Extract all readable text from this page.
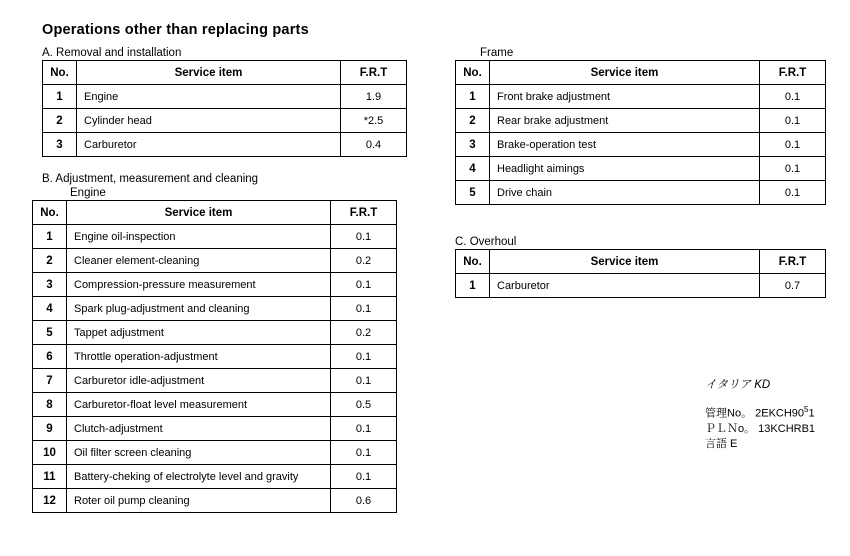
Operations other than replacing parts
A. Removal and installation
No.	Service item	F.R.T
1	Engine	1.9
2	Cylinder head	*2.5
3	Carburetor	0.4
B. Adjustment, measurement and cleaning
Engine
No.	Service item	F.R.T
1	Engine oil-inspection	0.1
2	Cleaner element-cleaning	0.2
3	Compression-pressure measurement	0.1
4	Spark plug-adjustment and cleaning	0.1
5	Tappet adjustment	0.2
6	Throttle operation-adjustment	0.1
7	Carburetor idle-adjustment	0.1
8	Carburetor-float level measurement	0.5
9	Clutch-adjustment	0.1
10	Oil filter screen cleaning	0.1
11	Battery-cheking of electrolyte level and gravity	0.1
12	Roter oil pump cleaning	0.6
Frame
No.	Service item	F.R.T
1	Front brake adjustment	0.1
2	Rear brake adjustment	0.1
3	Brake-operation test	0.1
4	Headlight aimings	0.1
5	Drive chain	0.1
C. Overhoul
No.	Service item	F.R.T
1	Carburetor	0.7
イタリア KD
管理No。 $2EKCH90^51$
ＰＬＮo。 13KCHRB1
言語 E
